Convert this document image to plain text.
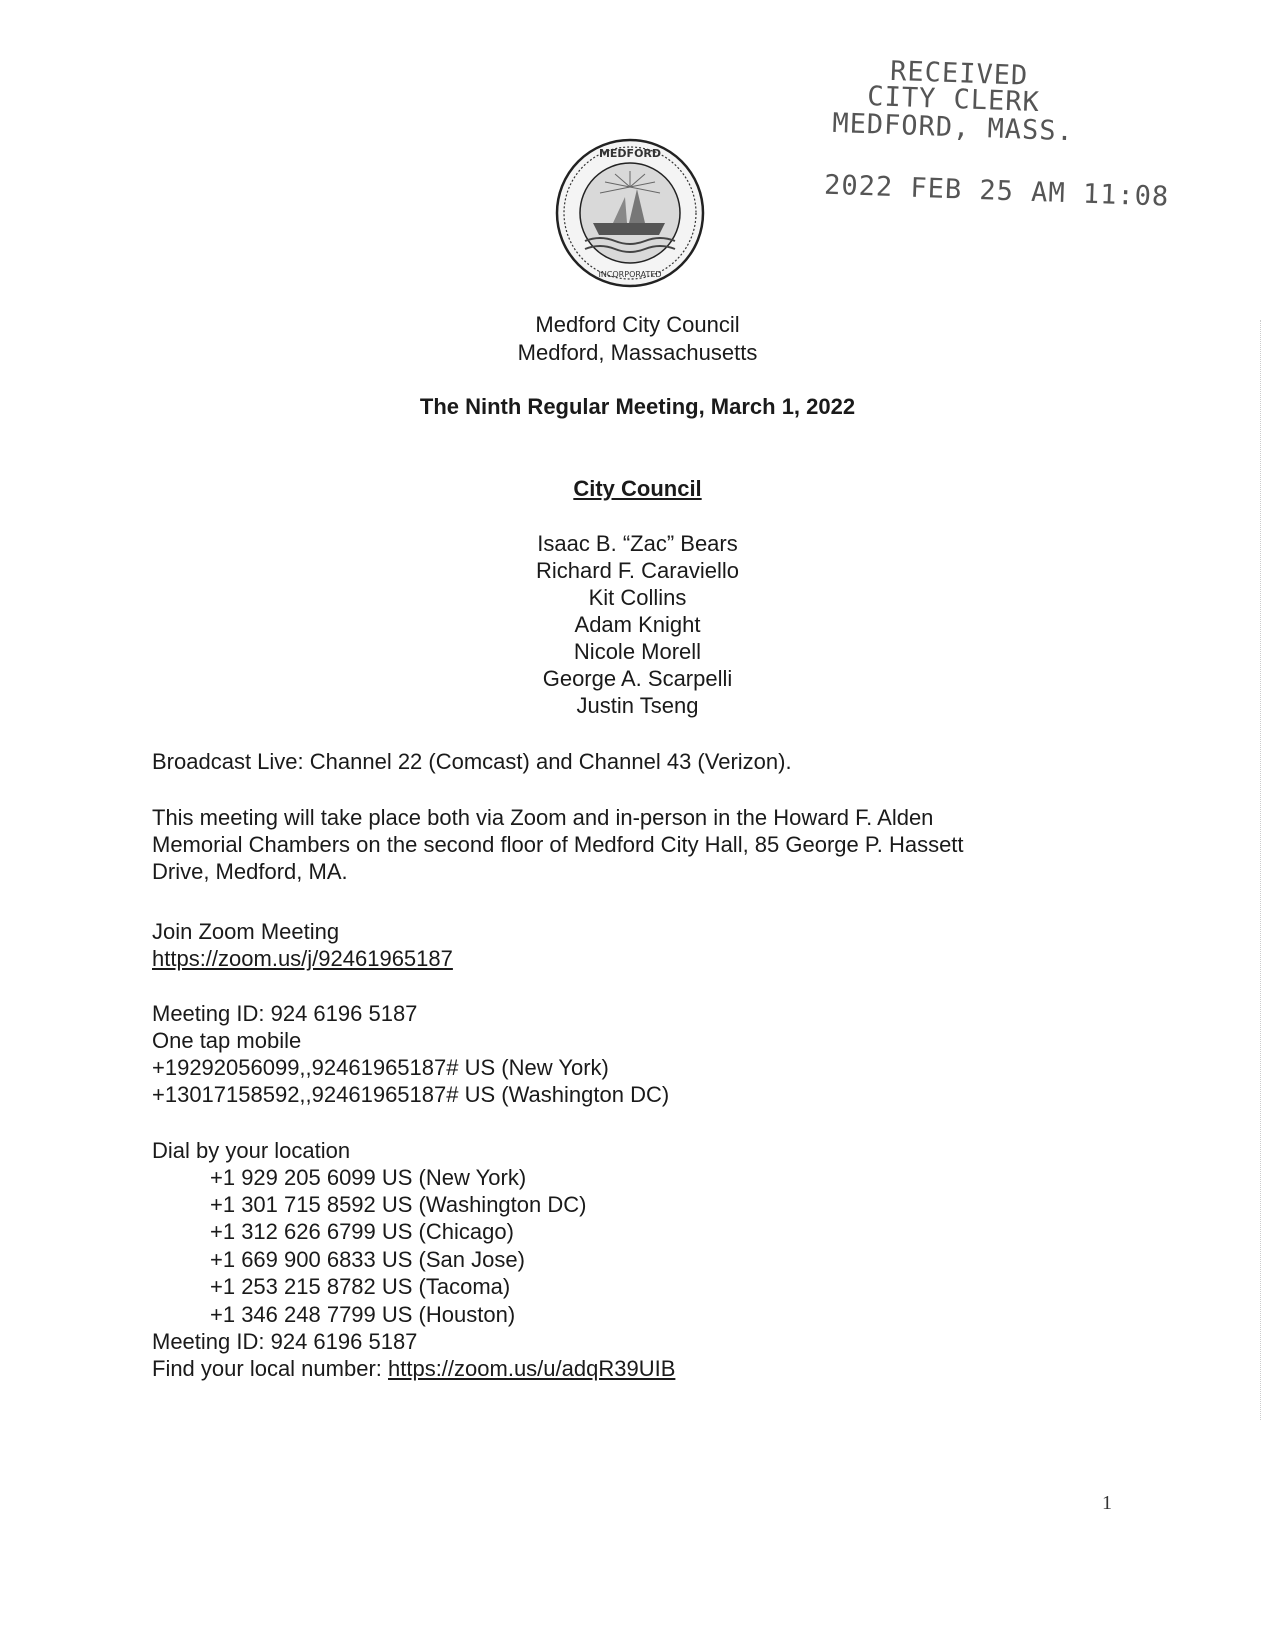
RECEIVED
CITY CLERK
MEDFORD, MASS.
2022 FEB 25 AM 11:08
MEDFORD
INCORPORATED
Medford City Council
Medford, Massachusetts
The Ninth Regular Meeting, March 1, 2022
City Council
Isaac B. “Zac” Bears
Richard F. Caraviello
Kit Collins
Adam Knight
Nicole Morell
George A. Scarpelli
Justin Tseng
Broadcast Live: Channel 22 (Comcast) and Channel 43 (Verizon).
This meeting will take place both via Zoom and in-person in the Howard F. Alden
Memorial Chambers on the second floor of Medford City Hall, 85 George P. Hassett
Drive, Medford, MA.
Join Zoom Meeting
https://zoom.us/j/92461965187
Meeting ID: 924 6196 5187
One tap mobile
+19292056099,,92461965187# US (New York)
+13017158592,,92461965187# US (Washington DC)
Dial by your location
+1 929 205 6099 US (New York)
+1 301 715 8592 US (Washington DC)
+1 312 626 6799 US (Chicago)
+1 669 900 6833 US (San Jose)
+1 253 215 8782 US (Tacoma)
+1 346 248 7799 US (Houston)
Meeting ID: 924 6196 5187
Find your local number: https://zoom.us/u/adqR39UIB
1
